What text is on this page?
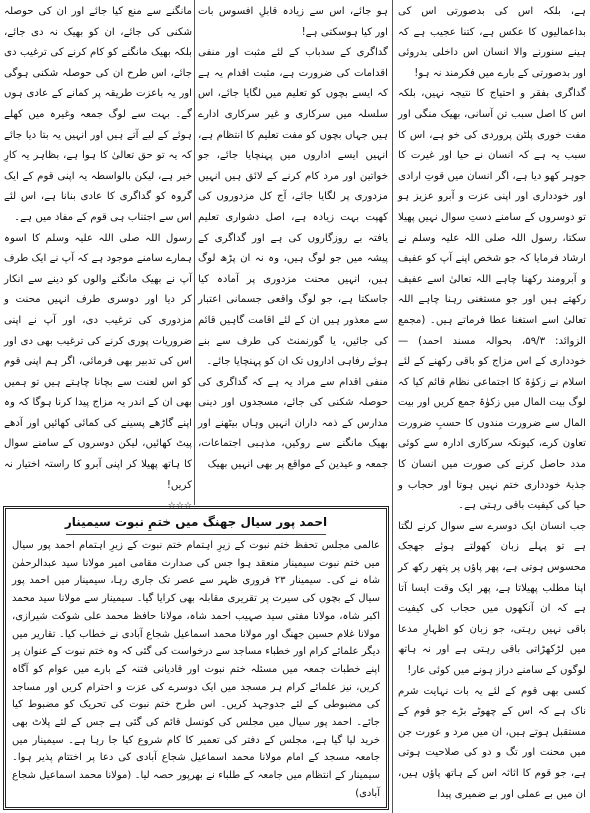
ہے، بلکہ اس کی بدصورتی اس کی بداعمالیوں کا عکس ہے، کتنا عجیب ہے کہ ہینے سنورنے والا انسان اس داخلی بدروئی اور بدصورتی کے بارے میں فکرمند نہ ہو!

گداگری بفقر و احتیاج کا نتیجہ نہیں، بلکہ اس کا اصل سبب تن آسانی، بھیک منگی اور مفت خوری پلٹن پروردی کی خو ہے، اس کا سبب یہ ہے کہ انسان نے حیا اور غیرت کا جوہر کھو دیا ہے، اگر انسان میں قوتِ ارادی اور خودداری اور اپنی عزت و آبرو عزیز ہو تو دوسروں کے سامنے دستِ سوال نہیں پھیلا سکتا، رسول اللہ صلی اللہ علیہ وسلم نے ارشاد فرمایا کہ جو شخص اپنے آپ کو عفیف و آبرومند رکھنا چاہے اللہ تعالیٰ اسے عفیف رکھتے ہیں اور جو مستغنی رہنا چاہے اللہ تعالیٰ اسے استغنا عطا فرماتے ہیں۔ (مجمع الزوائد: ۵۹/۳، بحوالہ مسند احمد) — خودداری کے اس مزاج کو باقی رکھنے کے لئے اسلام نے زکوٰۃ کا اجتماعی نظام قائم کیا کہ لوگ بیت المال میں زکوٰۃ جمع کریں اور بیت المال سے ضرورت مندوں کا حسبِ ضرورت تعاون کرے، کیونکہ سرکاری ادارہ سے کوئی مدد حاصل کرنے کی صورت میں انسان کا جذبۂ خودداری ختم نہیں ہوتا اور حجاب و حیا کی کیفیت باقی رہتی ہے۔

جب انسان ایک دوسرے سے سوال کرنے لگتا ہے تو پہلے زبان کھولتے ہوئے جھجک محسوس ہوتی ہے، پھر پاؤں پر پتھر رکھ کر اپنا مطلب پھیلاتا ہے، پھر ایک وقت ایسا آتا ہے کہ ان آنکھوں میں حجاب کی کیفیت باقی نہیں رہتی، جو زبان کو اظہارِ مدعا میں لڑکھڑاتی باقی رہتی ہے اور نہ ہاتھ لوگوں کے سامنے دراز ہونے میں کوئی عار!

کسی بھی قوم کے لئے یہ بات نہایت شرم ناک ہے کہ اس کے چھوٹے بڑے جو قوم کے مستقبل ہوتے ہیں، ان میں مرد و عورت جن میں محنت اور تگ و دو کی صلاحیت ہوتی ہے، جو قوم کا اثاثہ اس کے ہاتھ پاؤں ہیں، ان میں بے عملی اور بے ضمیری پیدا

ہو جائے، اس سے زیادہ قابلِ افسوس بات اور کیا ہوسکتی ہے!

گداگری کے سدباب کے لئے مثبت اور منفی اقدامات کی ضرورت ہے، مثبت اقدام یہ ہے کہ ایسے بچوں کو تعلیم میں لگایا جائے، اس سلسلہ میں سرکاری و غیر سرکاری ادارے ہیں جہاں بچوں کو مفت تعلیم کا انتظام ہے، انہیں ایسے اداروں میں پہنچایا جائے، جو خواتین اور مرد کام کرنے کے لائق ہیں انہیں مزدوری پر لگایا جائے، آج کل مزدوروں کی کھپت بہت زیادہ ہے، اصل دشواری تعلیم یافتہ بے روزگاروں کی ہے اور گداگری کے پیشہ میں جو لوگ ہیں، وہ نہ ان پڑھ لوگ ہیں، انہیں محنت مزدوری پر آمادہ کیا جاسکتا ہے، جو لوگ واقعی جسمانی اعتبار سے معذور ہیں ان کے لئے اقامت گاہیں قائم کی جائیں، یا گورنمنٹ کی طرف سے بنے ہوئے رفاہی اداروں تک ان کو پہنچایا جائے۔

منفی اقدام سے مراد یہ ہے کہ گداگری کی حوصلہ شکنی کی جائے، مسجدوں اور دینی مدارس کے ذمہ داران انہیں وہاں بیٹھنے اور بھیک مانگنے سے روکیں، مذہبی اجتماعات، جمعہ و عیدین کے مواقع پر بھی انہیں بھیک

مانگنے سے منع کیا جائے اور ان کی حوصلہ شکنی کی جائے، ان کو بھیک نہ دی جائے، بلکہ بھیک مانگنے کو کام کرنے کی ترغیب دی جائے، اس طرح ان کی حوصلہ شکنی ہوگی اور یہ باعزت طریقہ پر کمانے کے عادی ہوں گے۔ بہت سے لوگ جمعہ وغیرہ میں کھلے ہوئے کے لیے آتے ہیں اور انہیں یہ بتا دیا جائے کہ یہ تو حق تعالیٰ کا ہوا ہے، بظاہر یہ کارِ خیر ہے، لیکن بالواسطہ یہ اپنی قوم کے ایک گروہ کو گداگری کا عادی بنانا ہے، اس لئے اس سے اجتناب ہی قوم کے مفاد میں ہے۔

رسول اللہ صلی اللہ علیہ وسلم کا اسوہ ہمارے سامنے موجود ہے کہ آپ نے ایک طرف آپ نے بھیک مانگنے والوں کو دینے سے انکار کر دیا اور دوسری طرف انہیں محنت و مزدوری کی ترغیب دی، اور آپ نے اپنی ضروریات پوری کرنے کی ترغیب بھی دی اور اس کی تدبیر بھی فرمائی، اگر ہم اپنی قوم کو اس لعنت سے بچانا چاہتے ہیں تو ہمیں بھی ان کے اندر یہ مزاج پیدا کرنا ہوگا کہ وہ اپنے گاڑھے پسینے کی کمائی کھائیں اور آدھے پیٹ کھائیں، لیکن دوسروں کے سامنے سوال کا ہاتھ پھیلا کر اپنی آبرو کا راستہ اختیار نہ کریں!

☆☆☆

احمد پور سیال جھنگ میں ختمِ نبوت سیمینار

عالمی مجلس تحفظ ختم نبوت کے زیرِ اہتمام ختم نبوت کے زیرِ اہتمام احمد پور سیال میں ختم نبوت سیمینار منعقد ہوا جس کی صدارت مقامی امیر مولانا سید عبدالرحمٰن شاہ نے کی۔ سیمینار ۲۳ فروری ظہر سے عصر تک جاری رہا، سیمینار میں احمد پور سیال کے بچوں کی سیرت پر تقریری مقابلہ بھی کرایا گیا۔ سیمینار سے مولانا سید محمد اکبر شاہ، مولانا مفتی سید صہیب احمد شاہ، مولانا حافظ محمد علی شوکت شیرازی، مولانا غلام حسین جھنگ اور مولانا محمد اسماعیل شجاع آبادی نے خطاب کیا۔ تقاریر میں دیگر علمائے کرام اور خطباء مساجد سے درخواست کی گئی کہ وہ ختم نبوت کے عنوان پر اپنے خطبات جمعہ میں مسئلہ ختم نبوت اور قادیانی فتنہ کے بارے میں عوام کو آگاہ کریں، نیز علمائے کرام ہر مسجد میں ایک دوسرے کی عزت و احترام کریں اور مساجد کی مضبوطی کے لئے جدوجہد کریں۔ اس طرح ختم نبوت کی تحریک کو مضبوط کیا جائے۔ احمد پور سیال میں مجلس کی کونسل قائم کی گئی ہے جس کے لئے پلاٹ بھی خرید لیا گیا ہے، مجلس کے دفتر کی تعمیر کا کام شروع کیا جا رہا ہے۔ سیمینار میں جامعہ مسجد کے امام مولانا محمد اسماعیل شجاع آبادی کی دعا پر اختتام پذیر ہوا۔ سیمینار کے انتظام میں جامعہ کے طلباء نے بھرپور حصہ لیا۔ (مولانا محمد اسماعیل شجاع آبادی)
